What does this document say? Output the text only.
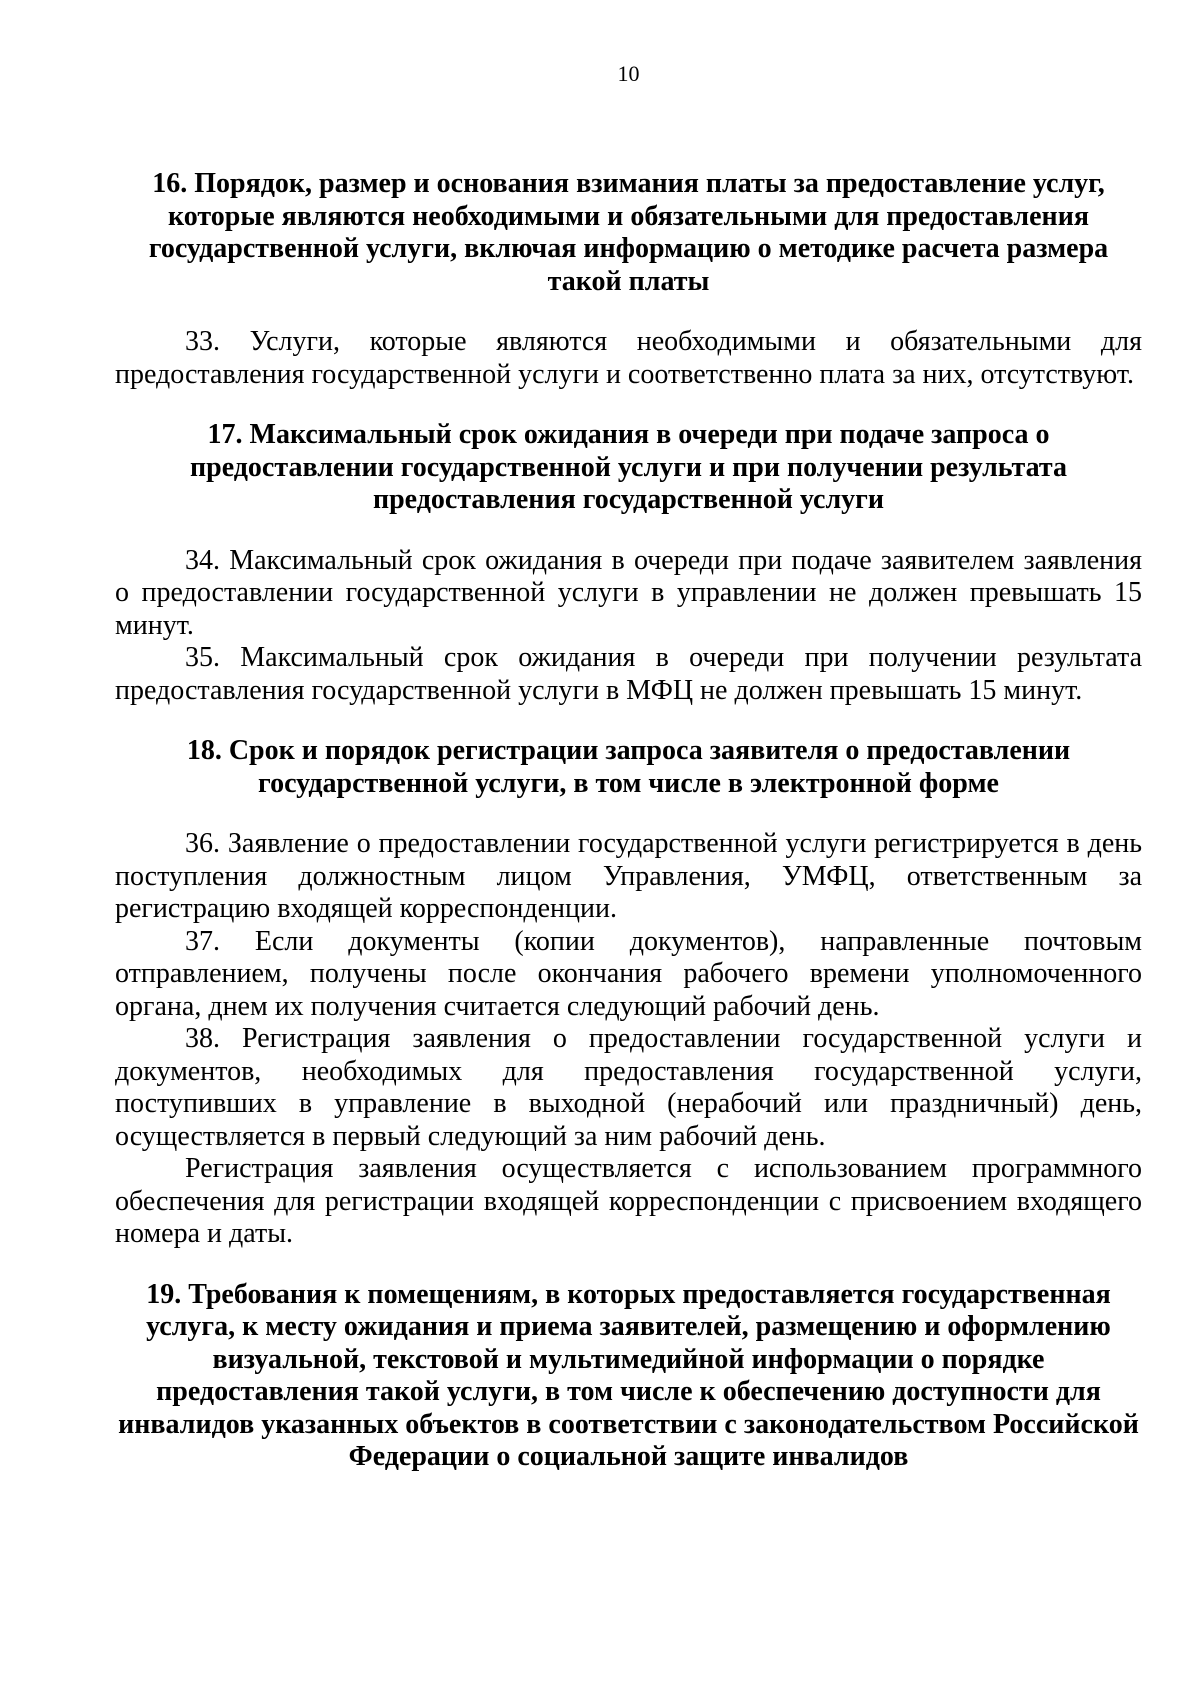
10
16. Порядок, размер и основания взимания платы за предоставление услуг, которые являются необходимыми и обязательными для предоставления государственной услуги, включая информацию о методике расчета размера такой платы

33. Услуги, которые являются необходимыми и обязательными для предоставления государственной услуги и соответственно плата за них, отсутствуют.

17. Максимальный срок ожидания в очереди при подаче запроса о предоставлении государственной услуги и при получении результата предоставления государственной услуги

34. Максимальный срок ожидания в очереди при подаче заявителем заявления о предоставлении государственной услуги в управлении не должен превышать 15 минут.

35. Максимальный срок ожидания в очереди при получении результата предоставления государственной услуги в МФЦ не должен превышать 15 минут.

18. Срок и порядок регистрации запроса заявителя о предоставлении государственной услуги, в том числе в электронной форме

36. Заявление о предоставлении государственной услуги регистрируется в день поступления должностным лицом Управления, УМФЦ, ответственным за регистрацию входящей корреспонденции.

37. Если документы (копии документов), направленные почтовым отправлением, получены после окончания рабочего времени уполномоченного органа, днем их получения считается следующий рабочий день.

38. Регистрация заявления о предоставлении государственной услуги и документов, необходимых для предоставления государственной услуги, поступивших в управление в выходной (нерабочий или праздничный) день, осуществляется в первый следующий за ним рабочий день.

Регистрация заявления осуществляется с использованием программного обеспечения для регистрации входящей корреспонденции с присвоением входящего номера и даты.

19. Требования к помещениям, в которых предоставляется государственная услуга, к месту ожидания и приема заявителей, размещению и оформлению визуальной, текстовой и мультимедийной информации о порядке предоставления такой услуги, в том числе к обеспечению доступности для инвалидов указанных объектов в соответствии с законодательством Российской Федерации о социальной защите инвалидов
